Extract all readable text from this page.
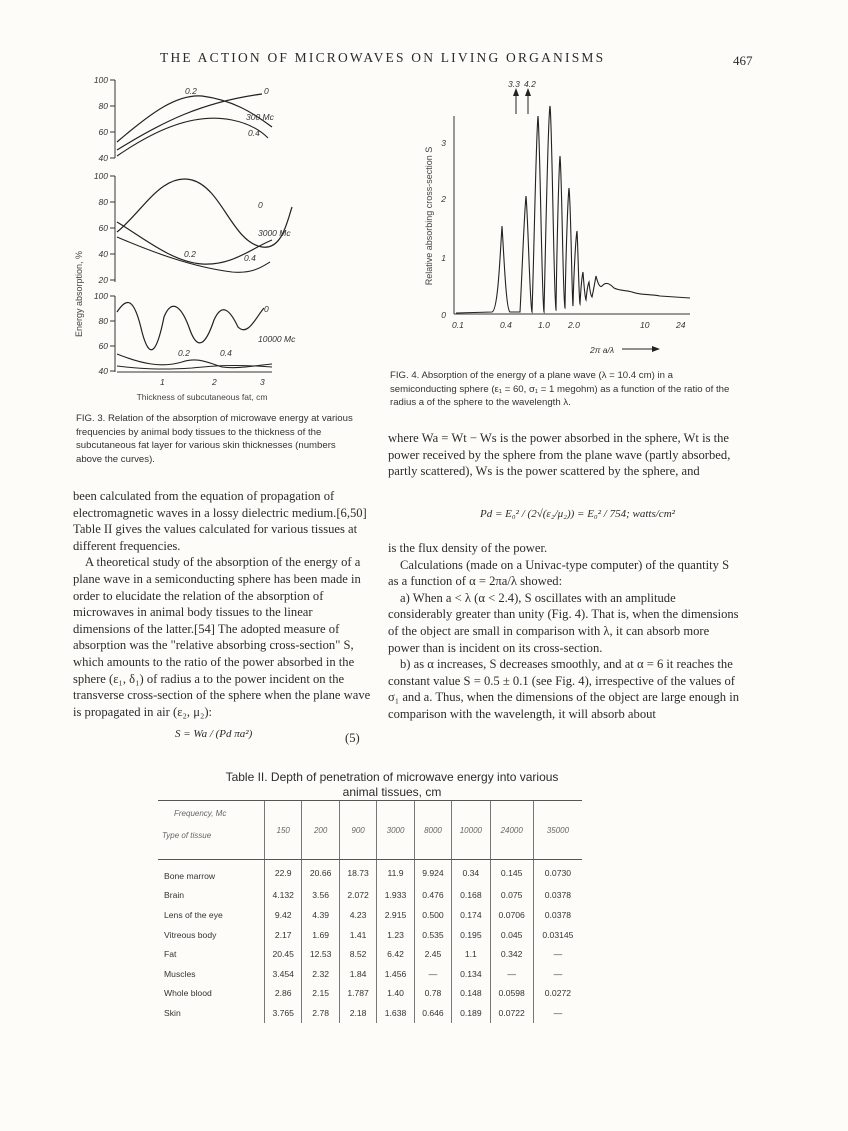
THE ACTION OF MICROWAVES ON LIVING ORGANISMS	467
Energy absorption, %
100
80
60
40
0.2	0
0.4
300 Mc
100
80
60
40
20
0
0.2	0.4
3000 Mc
100
80
60
40
0
0.2	0.4
10000 Mc
1	2	3
Thickness of subcutaneous fat, cm
FIG. 3. Relation of the absorption of microwave energy at various frequencies by animal body tissues to the thickness of the subcutaneous fat layer for various skin thicknesses (numbers above the curves).
Relative absorbing cross-section S
0
1
2
3
3.3 4.2
0.1	0.4	1.0 2.0	10	24
2π a/λ
FIG. 4. Absorption of the energy of a plane wave (λ = 10.4 cm) in a semiconducting sphere (ε₁ = 60, σ₁ = 1 megohm) as a function of the ratio of the radius a of the sphere to the wavelength λ.

been calculated from the equation of propagation of electromagnetic waves in a lossy dielectric medium.[6,50] Table II gives the values calculated for various tissues at different frequencies.

A theoretical study of the absorption of the energy of a plane wave in a semiconducting sphere has been made in order to elucidate the relation of the absorption of microwaves in animal body tissues to the linear dimensions of the latter.[54] The adopted measure of absorption was the "relative absorbing cross-section" S, which amounts to the ratio of the power absorbed in the sphere (ε₁, δ₁) of radius a to the power incident on the transverse cross-section of the sphere when the plane wave is propagated in air (ε₂, μ₂):

S = Wa / (Pd πa²)	(5)

where Wa = Wt − Ws is the power absorbed in the sphere, Wt is the power received by the sphere from the plane wave (partly absorbed, partly scattered), Ws is the power scattered by the sphere, and

Pd = E₀² / (2√(ε₂/μ₂)) = E₀² / 754; watts/cm²

is the flux density of the power.

Calculations (made on a Univac-type computer) of the quantity S as a function of α = 2πa/λ showed:

a) When a < λ (α < 2.4), S oscillates with an amplitude considerably greater than unity (Fig. 4). That is, when the dimensions of the object are small in comparison with λ, it can absorb more power than is incident on its cross-section.

b) as α increases, S decreases smoothly, and at α = 6 it reaches the constant value S = 0.5 ± 0.1 (see Fig. 4), irrespective of the values of σ₁ and a. Thus, when the dimensions of the object are large enough in comparison with the wavelength, it will absorb about

Table II. Depth of penetration of microwave energy into various
animal tissues, cm
Frequency, Mc
Type of tissue	150	200	900	3000	8000	10000	24000	35000
Bone marrow	22.9	20.66	18.73	11.9	9.924	0.34	0.145	0.0730
Brain	4.132	3.56	2.072	1.933	0.476	0.168	0.075	0.0378
Lens of the eye	9.42	4.39	4.23	2.915	0.500	0.174	0.0706	0.0378
Vitreous body	2.17	1.69	1.41	1.23	0.535	0.195	0.045	0.03145
Fat	20.45	12.53	8.52	6.42	2.45	1.1	0.342	—
Muscles	3.454	2.32	1.84	1.456	—	0.134	—	—
Whole blood	2.86	2.15	1.787	1.40	0.78	0.148	0.0598	0.0272
Skin	3.765	2.78	2.18	1.638	0.646	0.189	0.0722	—
